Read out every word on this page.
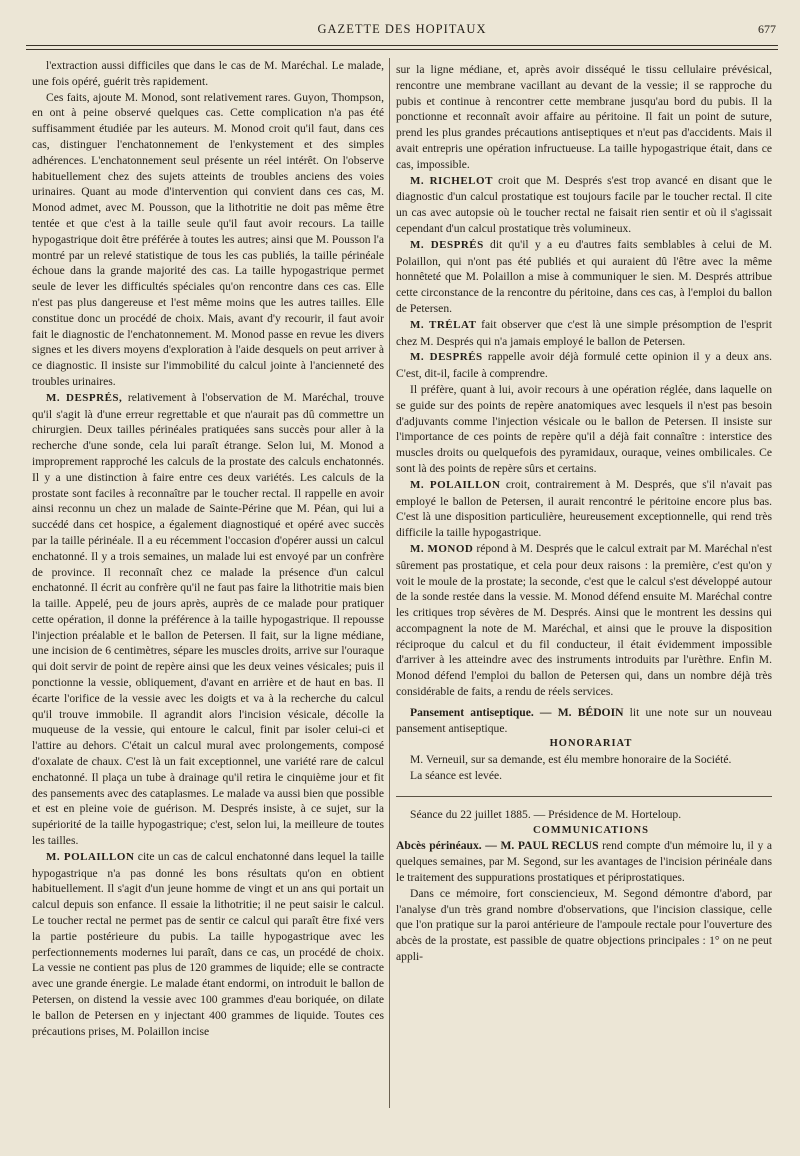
GAZETTE DES HOPITAUX	677

l'extraction aussi difficiles que dans le cas de M. Maréchal. Le malade, une fois opéré, guérit très rapidement.

Ces faits, ajoute M. Monod, sont relativement rares. Guyon, Thompson, en ont à peine observé quelques cas. Cette complication n'a pas été suffisamment étudiée par les auteurs. M. Monod croit qu'il faut, dans ces cas, distinguer l'enchatonnement de l'enkystement et des simples adhérences. L'enchatonnement seul présente un réel intérêt. On l'observe habituellement chez des sujets atteints de troubles anciens des voies urinaires. Quant au mode d'intervention qui convient dans ces cas, M. Monod admet, avec M. Pousson, que la lithotritie ne doit pas même être tentée et que c'est à la taille seule qu'il faut avoir recours. La taille hypogastrique doit être préférée à toutes les autres; ainsi que M. Pousson l'a montré par un relevé statistique de tous les cas publiés, la taille périnéale échoue dans la grande majorité des cas. La taille hypogastrique permet seule de lever les difficultés spéciales qu'on rencontre dans ces cas. Elle n'est pas plus dangereuse et l'est même moins que les autres tailles. Elle constitue donc un procédé de choix. Mais, avant d'y recourir, il faut avoir fait le diagnostic de l'enchatonnement. M. Monod passe en revue les divers signes et les divers moyens d'exploration à l'aide desquels on peut arriver à ce diagnostic. Il insiste sur l'immobilité du calcul jointe à l'ancienneté des troubles urinaires.

M. DESPRÉS, relativement à l'observation de M. Maréchal, trouve qu'il s'agit là d'une erreur regrettable et que n'aurait pas dû commettre un chirurgien. Deux tailles périnéales pratiquées sans succès pour aller à la recherche d'une sonde, cela lui paraît étrange. Selon lui, M. Monod a improprement rapproché les calculs de la prostate des calculs enchatonnés. Il y a une distinction à faire entre ces deux variétés. Les calculs de la prostate sont faciles à reconnaître par le toucher rectal. Il rappelle en avoir ainsi reconnu un chez un malade de Sainte-Périne que M. Péan, qui lui a succédé dans cet hospice, a également diagnostiqué et opéré avec succès par la taille périnéale. Il a eu récemment l'occasion d'opérer aussi un calcul enchatonné. Il y a trois semaines, un malade lui est envoyé par un confrère de province. Il reconnaît chez ce malade la présence d'un calcul enchatonné. Il écrit au confrère qu'il ne faut pas faire la lithotritie mais bien la taille. Appelé, peu de jours après, auprès de ce malade pour pratiquer cette opération, il donne la préférence à la taille hypogastrique. Il repousse l'injection préalable et le ballon de Petersen. Il fait, sur la ligne médiane, une incision de 6 centimètres, sépare les muscles droits, arrive sur l'ouraque qui doit servir de point de repère ainsi que les deux veines vésicales; puis il ponctionne la vessie, obliquement, d'avant en arrière et de haut en bas. Il écarte l'orifice de la vessie avec les doigts et va à la recherche du calcul qu'il trouve immobile. Il agrandit alors l'incision vésicale, décolle la muqueuse de la vessie, qui entoure le calcul, finit par isoler celui-ci et l'attire au dehors. C'était un calcul mural avec prolongements, composé d'oxalate de chaux. C'est là un fait exceptionnel, une variété rare de calcul enchatonné. Il plaça un tube à drainage qu'il retira le cinquième jour et fit des pansements avec des cataplasmes. Le malade va aussi bien que possible et est en pleine voie de guérison. M. Després insiste, à ce sujet, sur la supériorité de la taille hypogastrique; c'est, selon lui, la meilleure de toutes les tailles.

M. POLAILLON cite un cas de calcul enchatonné dans lequel la taille hypogastrique n'a pas donné les bons résultats qu'on en obtient habituellement. Il s'agit d'un jeune homme de vingt et un ans qui portait un calcul depuis son enfance. Il essaie la lithotritie; il ne peut saisir le calcul. Le toucher rectal ne permet pas de sentir ce calcul qui paraît être fixé vers la partie postérieure du pubis. La taille hypogastrique avec les perfectionnements modernes lui paraît, dans ce cas, un procédé de choix. La vessie ne contient pas plus de 120 grammes de liquide; elle se contracte avec une grande énergie. Le malade étant endormi, on introduit le ballon de Petersen, on distend la vessie avec 100 grammes d'eau boriquée, on dilate le ballon de Petersen en y injectant 400 grammes de liquide. Toutes ces précautions prises, M. Polaillon incise

sur la ligne médiane, et, après avoir disséqué le tissu cellulaire prévésical, rencontre une membrane vacillant au devant de la vessie; il se rapproche du pubis et continue à rencontrer cette membrane jusqu'au bord du pubis. Il la ponctionne et reconnaît avoir affaire au péritoine. Il fait un point de suture, prend les plus grandes précautions antiseptiques et n'eut pas d'accidents. Mais il avait entrepris une opération infructueuse. La taille hypogastrique était, dans ce cas, impossible.

M. RICHELOT croit que M. Després s'est trop avancé en disant que le diagnostic d'un calcul prostatique est toujours facile par le toucher rectal. Il cite un cas avec autopsie où le toucher rectal ne faisait rien sentir et où il s'agissait cependant d'un calcul prostatique très volumineux.

M. DESPRÉS dit qu'il y a eu d'autres faits semblables à celui de M. Polaillon, qui n'ont pas été publiés et qui auraient dû l'être avec la même honnêteté que M. Polaillon a mise à communiquer le sien. M. Després attribue cette circonstance de la rencontre du péritoine, dans ces cas, à l'emploi du ballon de Petersen.

M. TRÉLAT fait observer que c'est là une simple présomption de l'esprit chez M. Després qui n'a jamais employé le ballon de Petersen.

M. DESPRÉS rappelle avoir déjà formulé cette opinion il y a deux ans. C'est, dit-il, facile à comprendre.

Il préfère, quant à lui, avoir recours à une opération réglée, dans laquelle on se guide sur des points de repère anatomiques avec lesquels il n'est pas besoin d'adjuvants comme l'injection vésicale ou le ballon de Petersen. Il insiste sur l'importance de ces points de repère qu'il a déjà fait connaître : interstice des muscles droits ou quelquefois des pyramidaux, ouraque, veines ombilicales. Ce sont là des points de repère sûrs et certains.

M. POLAILLON croit, contrairement à M. Després, que s'il n'avait pas employé le ballon de Petersen, il aurait rencontré le péritoine encore plus bas. C'est là une disposition particulière, heureusement exceptionnelle, qui rend très difficile la taille hypogastrique.

M. MONOD répond à M. Després que le calcul extrait par M. Maréchal n'est sûrement pas prostatique, et cela pour deux raisons : la première, c'est qu'on y voit le moule de la prostate; la seconde, c'est que le calcul s'est développé autour de la sonde restée dans la vessie. M. Monod défend ensuite M. Maréchal contre les critiques trop sévères de M. Després. Ainsi que le montrent les dessins qui accompagnent la note de M. Maréchal, et ainsi que le prouve la disposition réciproque du calcul et du fil conducteur, il était évidemment impossible d'arriver à les atteindre avec des instruments introduits par l'urèthre. Enfin M. Monod défend l'emploi du ballon de Petersen qui, dans un nombre déjà très considérable de faits, a rendu de réels services.

Pansement antiseptique. — M. BÉDOIN lit une note sur un nouveau pansement antiseptique.

HONORARIAT

M. Verneuil, sur sa demande, est élu membre honoraire de la Société.

La séance est levée.

Séance du 22 juillet 1885. — Présidence de M. Horteloup.

COMMUNICATIONS

Abcès périnéaux. — M. PAUL RECLUS rend compte d'un mémoire lu, il y a quelques semaines, par M. Segond, sur les avantages de l'incision périnéale dans le traitement des suppurations prostatiques et périprostatiques.

Dans ce mémoire, fort consciencieux, M. Segond démontre d'abord, par l'analyse d'un très grand nombre d'observations, que l'incision classique, celle que l'on pratique sur la paroi antérieure de l'ampoule rectale pour l'ouverture des abcès de la prostate, est passible de quatre objections principales : 1° on ne peut appli-
